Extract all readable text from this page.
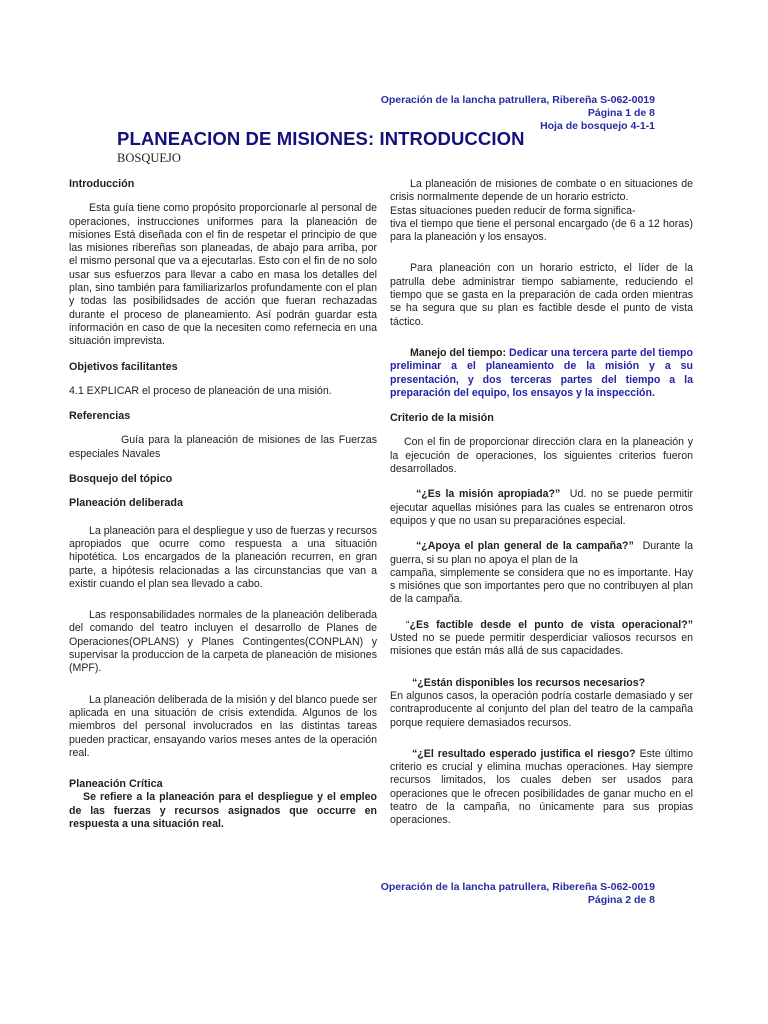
Operación de la lancha patrullera, Ribereña S-062-0019
Página 1 de 8
Hoja de bosquejo 4-1-1
PLANEACION DE MISIONES: INTRODUCCION
BOSQUEJO
Introducción

Esta guía tiene como propósito proporcionarle al personal de operaciones, instrucciones uniformes para la planeación de misiones Está diseñada con el fin de respetar el principio de que las misiones ribereñas son planeadas, de abajo para arriba, por el mismo personal que va a ejecutarlas. Esto con el fin de no solo usar sus esfuerzos para llevar a cabo en masa los detalles del plan, sino también para familiarizarlos profundamente con el plan y todas las posibilidsades de acción que fueran rechazadas durante el proceso de planeamiento. Así podrán guardar esta información en caso de que la necesiten como refernecia en una situación imprevista.

Objetivos facilitantes

4.1 EXPLICAR el proceso de planeación de una misión.

Referencias

Guía para la planeación de misiones de las Fuerzas especiales Navales

Bosquejo del tópico
Planeación deliberada

La planeación para el despliegue y uso de fuerzas y recursos apropiados que ocurre como respuesta a una situación hipotética. Los encargados de la planeación recurren, en gran parte, a hipótesis relacionadas a las circunstancias que van a existir cuando el plan sea llevado a cabo.

Las responsabilidades normales de la planeación deliberada del comando del teatro incluyen el desarrollo de Planes de Operaciones(OPLANS) y Planes Contingentes(CONPLAN) y supervisar la produccion de la carpeta de planeación de misiones (MPF).

La planeación deliberada de la misión y del blanco puede ser aplicada en una situación de crisis extendida. Algunos de los miembros del personal involucrados en las distintas tareas pueden practicar, ensayando varios meses antes de la operación real.

Planeación Crítica

Se refiere a la planeación para el despliegue y el empleo de las fuerzas y recursos asignados que occurre en respuesta a una situación real.

La planeación de misiones de combate o en situaciones de crisis normalmente depende de un horario estricto.

Estas situaciones pueden reducir de forma significa-

tiva el tiempo que tiene el personal encargado (de 6 a 12 horas) para la planeación y los ensayos.

Para planeación con un horario estricto, el líder de la patrulla debe administrar tiempo sabiamente, reduciendo el tiempo que se gasta en la preparación de cada orden mientras se ha segura que su plan es factible desde el punto de vista táctico.

Manejo del tiempo: Dedicar una tercera parte del tiempo preliminar a el planeamiento de la misión y a su presentación, y dos terceras partes del tiempo a la preparación del equipo, los ensayos y la inspección.

Criterio de la misión

Con el fin de proporcionar dirección clara en la planeación y la ejecución de operaciones, los siguientes criterios fueron desarrollados.

“¿Es la misión apropiada?” Ud. no se puede permitir ejecutar aquellas misiónes para las cuales se entrenaron otros equipos y que no usan su preparaciónes especial.

“¿Apoya el plan general de la campaña?” Durante la guerra, si su plan no apoya el plan de la

campaña, simplemente se considera que no es importante. Hay s misiónes que son importantes pero que no contribuyen al plan de la campaña.

“¿Es factible desde el punto de vista operacional?” Usted no se puede permitir desperdiciar valiosos recursos en misiones que están más allá de sus capacidades.

“¿Están disponibles los recursos necesarios?

En algunos casos, la operación podría costarle demasiado y ser contraproducente al conjunto del plan del teatro de la campaña porque requiere demasiados recursos.

“¿El resultado esperado justifica el riesgo? Este último criterio es crucial y elimina muchas operaciones. Hay siempre recursos limitados, los cuales deben ser usados para operaciones que le ofrecen posibilidades de ganar mucho en el teatro de la campaña, no únicamente para sus propias operaciones.

Operación de la lancha patrullera, Ribereña S-062-0019
Página 2 de 8
